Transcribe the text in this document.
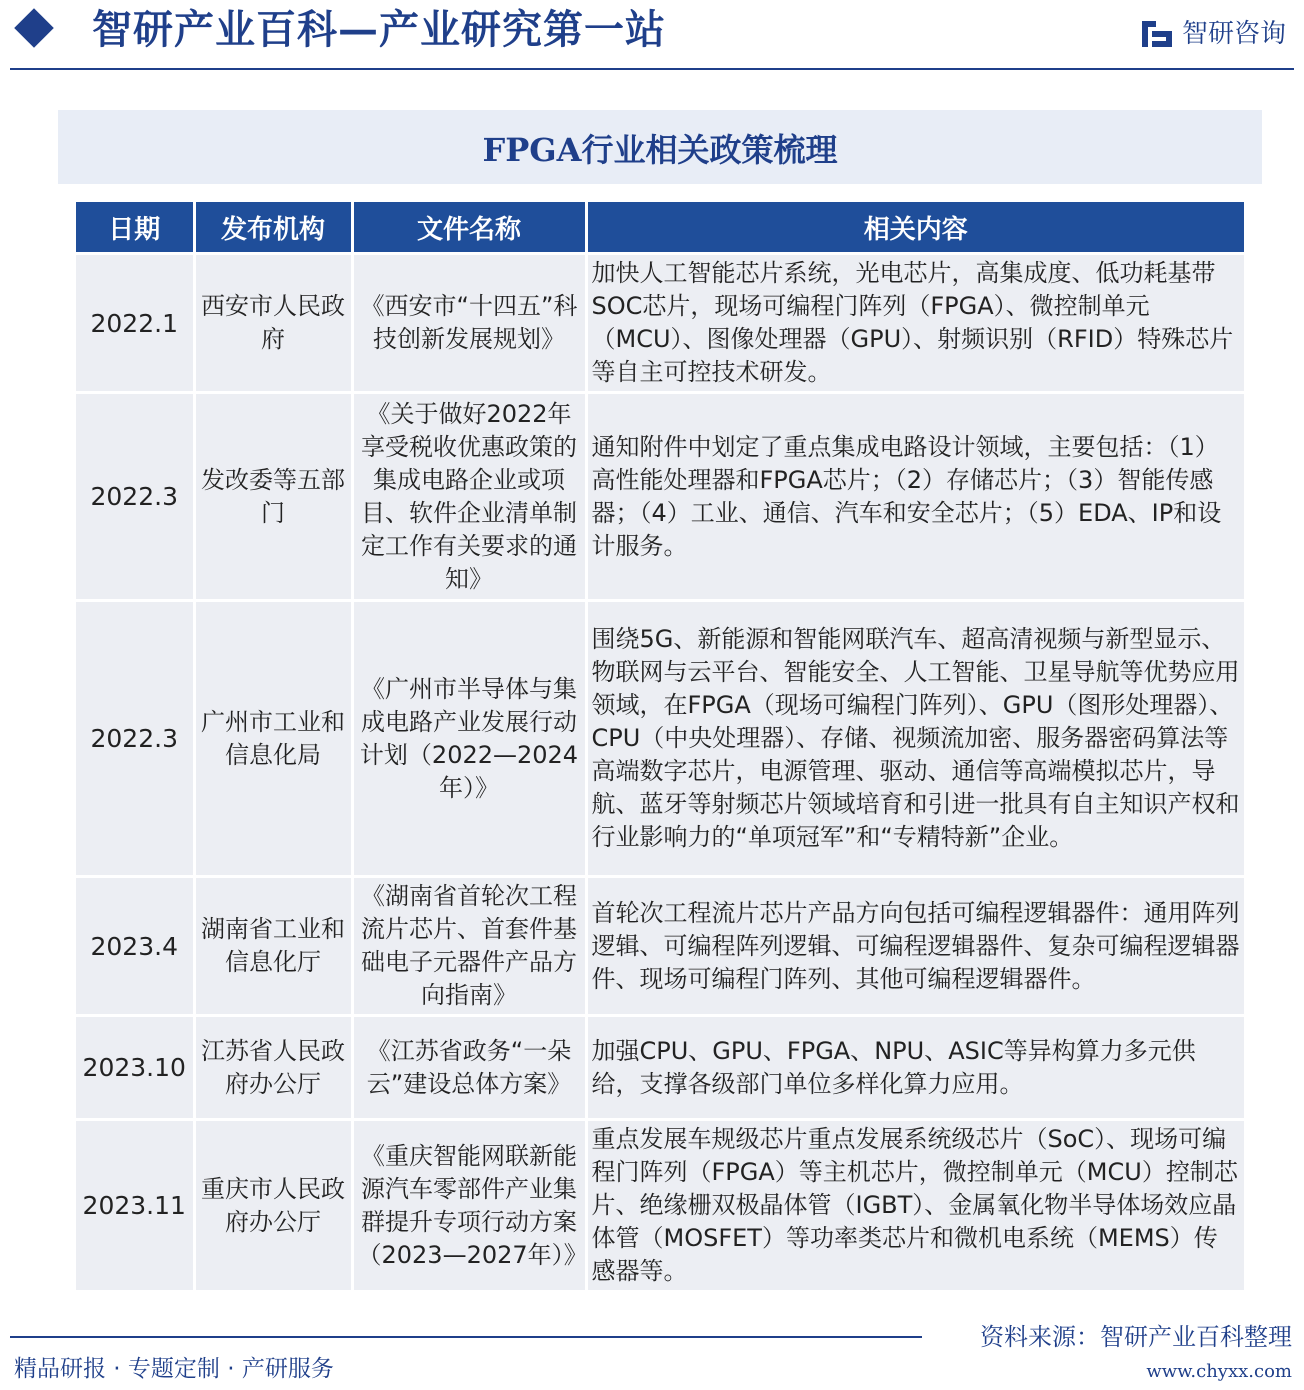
智研产业百科—产业研究第一站	智研咨询
FPGA行业相关政策梳理
日期	发布机构	文件名称	相关内容
2022.1	西安市人民政府	《西安市“十四五”科技创新发展规划》	加快人工智能芯片系统，光电芯片，高集成度、低功耗基带SOC芯片，现场可编程门阵列（FPGA）、微控制单元（MCU）、图像处理器（GPU）、射频识别（RFID）特殊芯片等自主可控技术研发。
2022.3	发改委等五部门	《关于做好2022年享受税收优惠政策的集成电路企业或项目、软件企业清单制定工作有关要求的通知》	通知附件中划定了重点集成电路设计领域，主要包括：（1）高性能处理器和FPGA芯片；（2）存储芯片；（3）智能传感器；（4）工业、通信、汽车和安全芯片；（5）EDA、IP和设计服务。
2022.3	广州市工业和信息化局	《广州市半导体与集成电路产业发展行动计划（2022—2024年）》	围绕5G、新能源和智能网联汽车、超高清视频与新型显示、物联网与云平台、智能安全、人工智能、卫星导航等优势应用领域，在FPGA（现场可编程门阵列）、GPU（图形处理器）、CPU（中央处理器）、存储、视频流加密、服务器密码算法等高端数字芯片，电源管理、驱动、通信等高端模拟芯片，导航、蓝牙等射频芯片领域培育和引进一批具有自主知识产权和行业影响力的“单项冠军”和“专精特新”企业。
2023.4	湖南省工业和信息化厅	《湖南省首轮次工程流片芯片、首套件基础电子元器件产品方向指南》	首轮次工程流片芯片产品方向包括可编程逻辑器件：通用阵列逻辑、可编程阵列逻辑、可编程逻辑器件、复杂可编程逻辑器件、现场可编程门阵列、其他可编程逻辑器件。
2023.10	江苏省人民政府办公厅	《江苏省政务“一朵云”建设总体方案》	加强CPU、GPU、FPGA、NPU、ASIC等异构算力多元供给，支撑各级部门单位多样化算力应用。
2023.11	重庆市人民政府办公厅	《重庆智能网联新能源汽车零部件产业集群提升专项行动方案（2023—2027年）》	重点发展车规级芯片重点发展系统级芯片（SoC）、现场可编程门阵列（FPGA）等主机芯片，微控制单元（MCU）控制芯片、绝缘栅双极晶体管（IGBT）、金属氧化物半导体场效应晶体管（MOSFET）等功率类芯片和微机电系统（MEMS）传感器等。
资料来源：智研产业百科整理
精品研报 · 专题定制 · 产研服务	www.chyxx.com
